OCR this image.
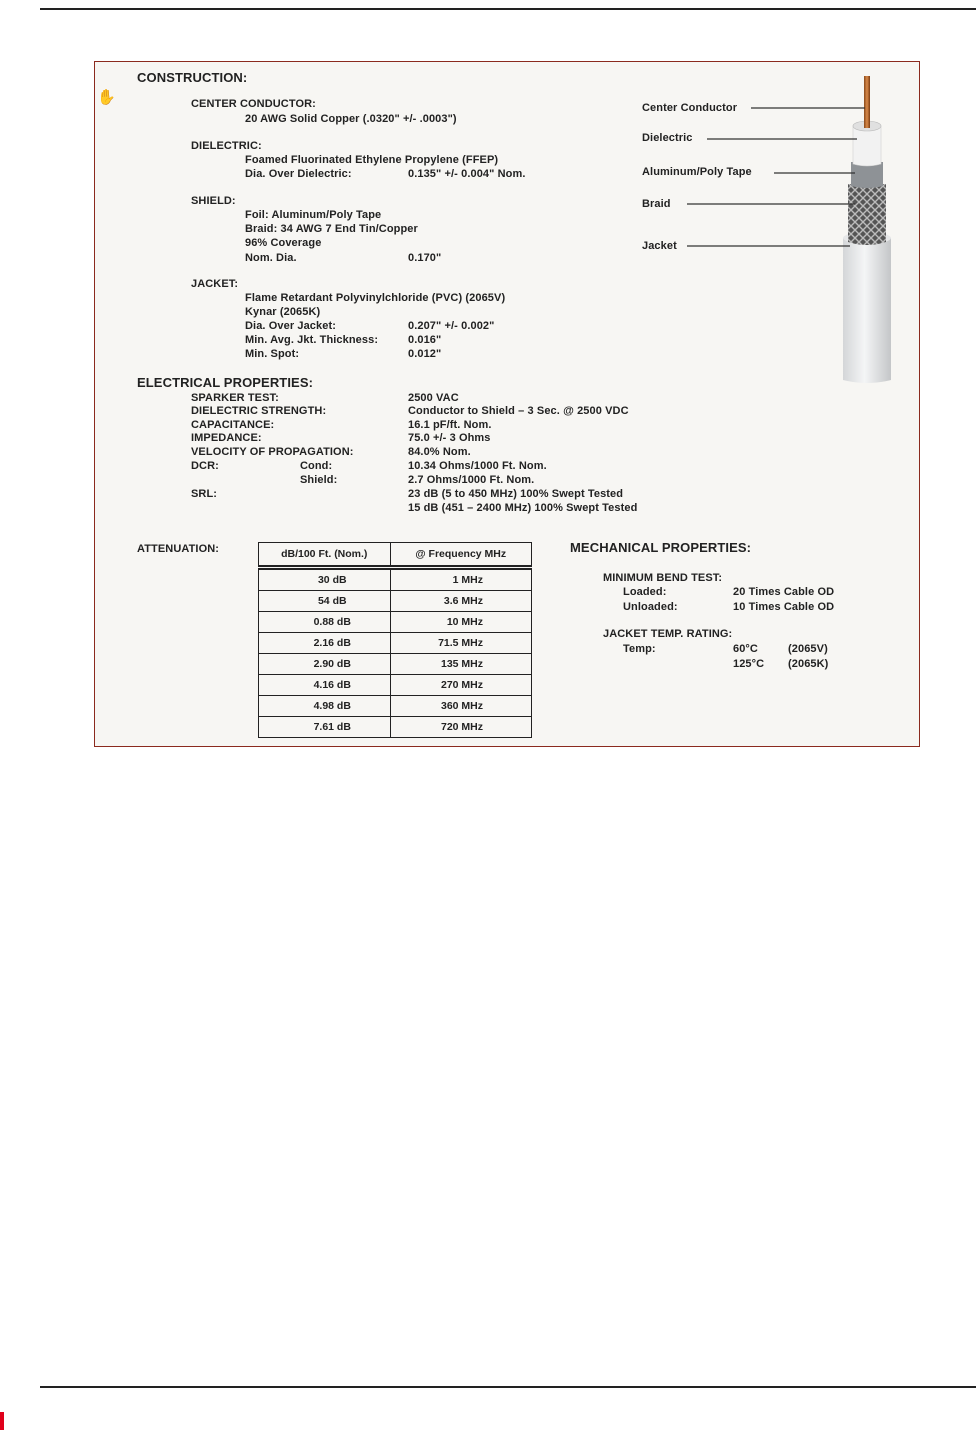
✋
CONSTRUCTION:
CENTER CONDUCTOR:
20 AWG Solid Copper (.0320" +/- .0003")
DIELECTRIC:
Foamed Fluorinated Ethylene Propylene (FFEP)
Dia. Over Dielectric:	0.135" +/- 0.004" Nom.
SHIELD:
Foil: Aluminum/Poly Tape
Braid: 34 AWG 7 End Tin/Copper
96% Coverage
Nom. Dia.	0.170"
JACKET:
Flame Retardant Polyvinylchloride (PVC) (2065V)
Kynar (2065K)
Dia. Over Jacket:	0.207" +/- 0.002"
Min. Avg. Jkt. Thickness:	0.016"
Min. Spot:	0.012"
Center Conductor
Dielectric
Aluminum/Poly Tape
Braid
Jacket
ELECTRICAL PROPERTIES:
SPARKER TEST:	2500 VAC
DIELECTRIC STRENGTH:	Conductor to Shield – 3 Sec. @ 2500 VDC
CAPACITANCE:	16.1 pF/ft. Nom.
IMPEDANCE:	75.0 +/- 3 Ohms
VELOCITY OF PROPAGATION:	84.0% Nom.
DCR:	Cond:	10.34 Ohms/1000 Ft. Nom.
Shield:	2.7 Ohms/1000 Ft. Nom.
SRL:	23 dB (5 to 450 MHz) 100% Swept Tested
15 dB (451 – 2400 MHz) 100% Swept Tested
ATTENUATION:	dB/100 Ft. (Nom.)	@ Frequency MHz
30 dB	1 MHz
54 dB	3.6 MHz
0.88 dB	10 MHz
2.16 dB	71.5 MHz
2.90 dB	135 MHz
4.16 dB	270 MHz
4.98 dB	360 MHz
7.61 dB	720 MHz
MECHANICAL PROPERTIES:
MINIMUM BEND TEST:
Loaded:	20 Times Cable OD
Unloaded:	10 Times Cable OD
JACKET TEMP. RATING:
Temp:	60°C	(2065V)
125°C (2065K)
